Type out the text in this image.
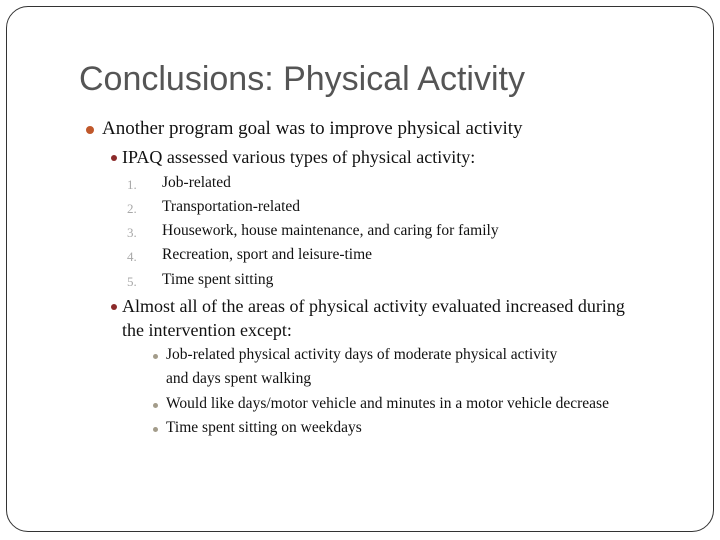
Conclusions: Physical Activity
Another program goal was to improve physical activity
IPAQ assessed various types of physical activity:
1. Job-related
2. Transportation-related
3. Housework, house maintenance, and caring for family
4. Recreation, sport and leisure-time
5. Time spent sitting
Almost all of the areas of physical activity evaluated increased during
the intervention except:
Job-related physical activity days of moderate physical activity
and days spent walking
Would like days/motor vehicle and minutes in a motor vehicle decrease
Time spent sitting on weekdays
